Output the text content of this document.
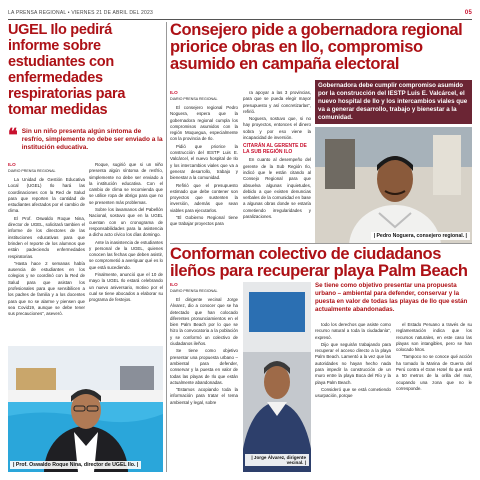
LA PRENSA REGIONAL • VIERNES 21 DE ABRIL DEL 2023	05
UGEL Ilo pedirá informe sobre estudiantes con enfermedades respiratorias para tomar medidas
❝ Sin un niño presenta algún síntoma de resfrío, simplemente no debe ser enviado a la institución educativa.
ILO
DIARIO PRENSA REGIONAL

La Unidad de Gestión Educativa Local (UGEL) Ilo hará las coordinaciones con la Red de Salud para que reporten la cantidad de estudiantes afectados por el cambio de clima.

El Prof. Oswaldo Roque Nina, director de UGEL, solicitará tambien el informe de los directores de las instituciones educativas para que brinden el reporte de los alumnos que están padeciendo enfermedades respiratorias.

“Hasta hace 2 semanas había ausencia de estudiantes en los colegios y se coordinó con la Red de Salud para que asistan los profesionales para que sensibilicen a los padres de familia y a los docentes para que no se alarme y piensen que sea Covid19, aunque se debe tener sus precauciones”, aseveró.

Roque, sugirió que si un niño presenta algún síntoma de resfrío, simplemente no debe ser enviado a la institución educativa. Con el cambio de clima se recomienda que se utilice ropa de abrigo para que no se presenten más problemas.

Sobre los lavamanos del Pabellón Nacional, sostuvo que en la UGEL cuentan con un cronograma de responsabilidades para la asistencia a dicho acto cívico los días domingo.

Ante la inasistencia de estudiantes y personal de la UGEL, quienes conocen las fechas que deben asistir, se comprometió a averiguar qué es lo que está sucediendo.

Finalmente, anunció que el 10 de mayo la UGEL Ilo estará celebrando un nuevo aniversario, motivo por el cual se tiene abocados a elaborar su programa de festejos.

| Prof. Oswaldo Roque Nina, director de UGEL Ilo. |
Consejero pide a gobernadora regional priorice obras en Ilo, compromiso asumido en campaña electoral
ILO
DIARIO PRENSA REGIONAL

El consejero regional Pedro Noguera, espera que la gobernadora regional cumpla los compromisos asumidos con la región Moquegua, especialmente con la provincia de Ilo.

Pidió que priorice la construcción del IESTP Luis E. Valcárcel, el nuevo hospital de Ilo y los intercambios viales que va a generar desarrollo, trabajo y bienestar a la comunidad.

Refirió que el presupuesto estimado que debe contener son proyectos que sustenten la inversión, además que sean viables para ejecutarlos.

“El Gobierno Regional tiene que trabajar proyectos para

ra apoyar a las 3 provincias, para que se pueda elegir mayor presupuesto y así concretizarlas”, refirió.

Noguera, sostuvo que, si no hay proyectos, entonces el dinero sobra y por eso viene la incapacidad de inversión.

CITARÁN AL GERENTE DE LA SUB REGIÓN ILO

En cuanto al desempeño del gerente de la Sub Región Ilo, indicó que le están citando al Consejo Regional para que absuelva algunas inquietudes, debido a que existen denuncias verbales de la comunidad en base a algunas obras donde se estaría cometiendo irregularidades y paralizaciones.

Gobernadora debe cumplir compromiso asumido por la construcción del IESTP Luis E. Valcárcel, el nuevo hospital de Ilo y los intercambios viales que va a generar desarrollo, trabajo y bienestar a la comunidad.
| Pedro Noguera, consejero regional. |
Conforman colectivo de ciudadanos ileños para recuperar playa Palm Beach
ILO
DIARIO PRENSA REGIONAL

El dirigente vecinal Jorge Álvarez, dio a conocer que se ha detectado que han colocado diferentes pronunciamientos en el bien Palm Beach por lo que se hizo la convocatoria a la población y se conformó un colectivo de ciudadanos ileños.

Se tiene como objetivo presentar una propuesta urbano – ambiental para defender, conservar y la puesta en valor de todas las playas de Ilo que están actualmente abandonadas.

“Estamos acopiando toda la información para tratar el tema ambiental y legal, sobre

| Jorge Álvarez, dirigente vecinal. |
Se tiene como objetivo presentar una propuesta urbano – ambiental para defender, conservar y la puesta en valor de todas las playas de Ilo que están actualmente abandonadas.

todo los derechos que asiste como recurso natural a toda la ciudadanía”, expresó.

Dijo que seguirán trabajando para recuperar el acceso directo a la playa Palm Beach. Lamentó a la vez que las autoridades no hayan hecho nada para impedir la construcción de un muro entre la playa Boca del Río y la playa Palm Beach.

Consideró que se está cometiendo usurpación, porque

el Estado Peruano a través de su reglamentación indica que los recursos naturales, en este caso las playas son intangibles, pero se han colocado hitos.

“Tampoco no se conoce qué acción ha tomado la Marina de Guerra del Perú contra el Gran Hotel Ilo que está a 50 metros de la orilla del mar, ocupando una zona que no le corresponde.
